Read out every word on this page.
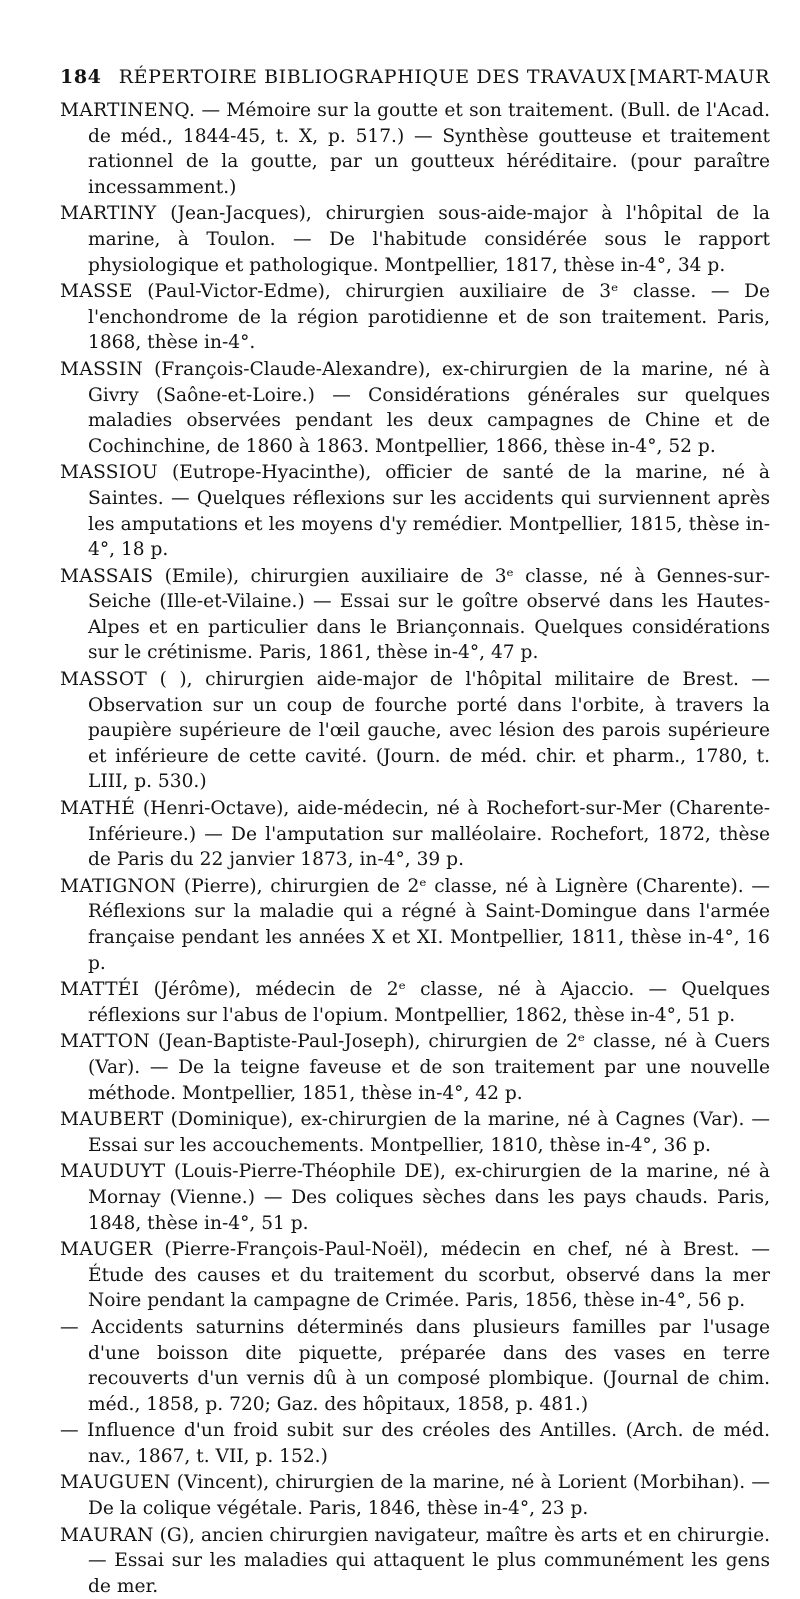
184 RÉPERTOIRE BIBLIOGRAPHIQUE DES TRAVAUX [MART-MAUR

MARTINENQ. — Mémoire sur la goutte et son traitement. (Bull. de l'Acad. de méd., 1844-45, t. X, p. 517.) — Synthèse goutteuse et traitement rationnel de la goutte, par un goutteux héréditaire. (pour paraître incessamment.)

MARTINY (Jean-Jacques), chirurgien sous-aide-major à l'hôpital de la marine, à Toulon. — De l'habitude considérée sous le rapport physiologique et pathologique. Montpellier, 1817, thèse in-4°, 34 p.

MASSE (Paul-Victor-Edme), chirurgien auxiliaire de 3ᵉ classe. — De l'enchondrome de la région parotidienne et de son traitement. Paris, 1868, thèse in-4°.

MASSIN (François-Claude-Alexandre), ex-chirurgien de la marine, né à Givry (Saône-et-Loire.) — Considérations générales sur quelques maladies observées pendant les deux campagnes de Chine et de Cochinchine, de 1860 à 1863. Montpellier, 1866, thèse in-4°, 52 p.

MASSIOU (Eutrope-Hyacinthe), officier de santé de la marine, né à Saintes. — Quelques réflexions sur les accidents qui surviennent après les amputations et les moyens d'y remédier. Montpellier, 1815, thèse in-4°, 18 p.

MASSAIS (Emile), chirurgien auxiliaire de 3ᵉ classe, né à Gennes-sur-Seiche (Ille-et-Vilaine.) — Essai sur le goître observé dans les Hautes-Alpes et en particulier dans le Briançonnais. Quelques considérations sur le crétinisme. Paris, 1861, thèse in-4°, 47 p.

MASSOT ( ), chirurgien aide-major de l'hôpital militaire de Brest. — Observation sur un coup de fourche porté dans l'orbite, à travers la paupière supérieure de l'œil gauche, avec lésion des parois supérieure et inférieure de cette cavité. (Journ. de méd. chir. et pharm., 1780, t. LIII, p. 530.)

MATHÉ (Henri-Octave), aide-médecin, né à Rochefort-sur-Mer (Charente-Inférieure.) — De l'amputation sur malléolaire. Rochefort, 1872, thèse de Paris du 22 janvier 1873, in-4°, 39 p.

MATIGNON (Pierre), chirurgien de 2ᵉ classe, né à Lignère (Charente). — Réflexions sur la maladie qui a régné à Saint-Domingue dans l'armée française pendant les années X et XI. Montpellier, 1811, thèse in-4°, 16 p.

MATTÉI (Jérôme), médecin de 2ᵉ classe, né à Ajaccio. — Quelques réflexions sur l'abus de l'opium. Montpellier, 1862, thèse in-4°, 51 p.

MATTON (Jean-Baptiste-Paul-Joseph), chirurgien de 2ᵉ classe, né à Cuers (Var). — De la teigne faveuse et de son traitement par une nouvelle méthode. Montpellier, 1851, thèse in-4°, 42 p.

MAUBERT (Dominique), ex-chirurgien de la marine, né à Cagnes (Var). — Essai sur les accouchements. Montpellier, 1810, thèse in-4°, 36 p.

MAUDUYT (Louis-Pierre-Théophile DE), ex-chirurgien de la marine, né à Mornay (Vienne.) — Des coliques sèches dans les pays chauds. Paris, 1848, thèse in-4°, 51 p.

MAUGER (Pierre-François-Paul-Noël), médecin en chef, né à Brest. — Étude des causes et du traitement du scorbut, observé dans la mer Noire pendant la campagne de Crimée. Paris, 1856, thèse in-4°, 56 p.

— Accidents saturnins déterminés dans plusieurs familles par l'usage d'une boisson dite piquette, préparée dans des vases en terre recouverts d'un vernis dû à un composé plombique. (Journal de chim. méd., 1858, p. 720; Gaz. des hôpitaux, 1858, p. 481.)

— Influence d'un froid subit sur des créoles des Antilles. (Arch. de méd. nav., 1867, t. VII, p. 152.)

MAUGUEN (Vincent), chirurgien de la marine, né à Lorient (Morbihan). — De la colique végétale. Paris, 1846, thèse in-4°, 23 p.

MAURAN (G), ancien chirurgien navigateur, maître ès arts et en chirurgie. — Essai sur les maladies qui attaquent le plus communément les gens de mer.
